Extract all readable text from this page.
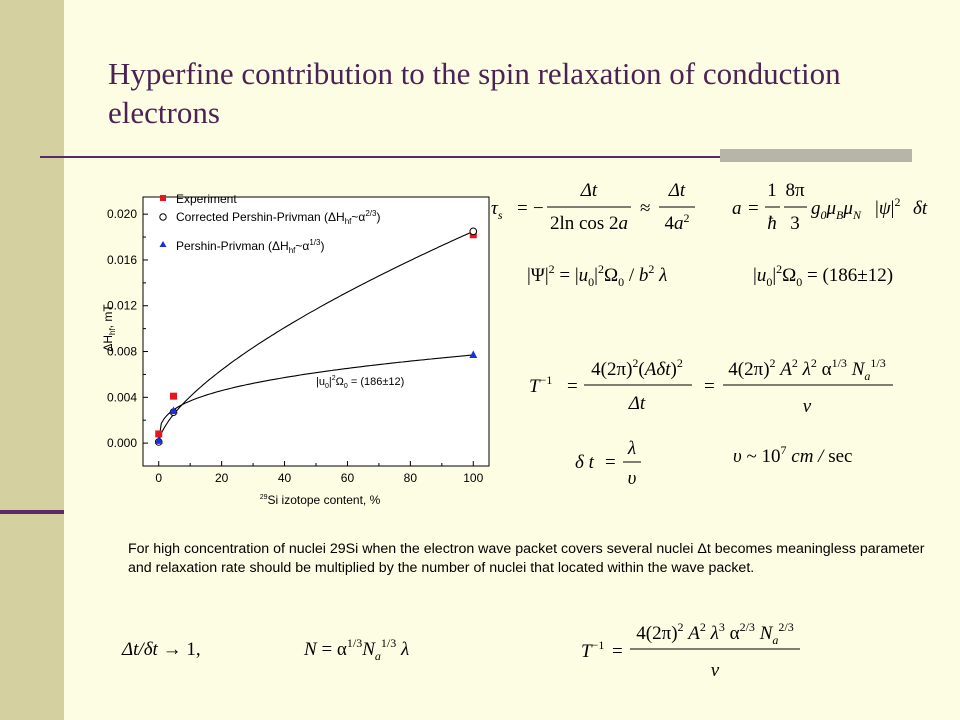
Hyperfine contribution to the spin relaxation of conduction electrons
0.000
0.004
0.008
0.012
0.016
0.020
0	20	40	60	80	100
$\Delta H_{hf}$, mT
$^{29}$Si izotope content, %
Experiment
Corrected Pershin-Privman $(\Delta H_{hf}\sim\alpha^{2/3})$
Pershin-Privman $(\Delta H_{hf}\sim\alpha^{1/3})$
$|u_0|^2\Omega_0 = (186\pm 12)$
$\tau_s$ = −
Δt
2ln cos 2a
≈
Δt
$4a^2$ a =
1
ħ
8π
3
$g_0\mu_B\mu_N$ $|\psi|^2$ δt
$|\Psi|^2 = |u_0|^2\Omega_0 / b^2$ λ	$|u_0|^2\Omega_0 = (186\pm 12)$
$T^{-1}$ =
$4(2\pi)^2(A\delta t)^2$
Δt
=
$4(2\pi)^2$ $A^2$ $\lambda^2$ $\alpha^{1/3}$ $N_a^{1/3}$
v
δ t =
λ
υ
υ ~ $10^7$ cm / sec

For high concentration of nuclei 29Si when the electron wave packet covers several nuclei Δt becomes meaningless parameter and relaxation rate should be multiplied by the number of nuclei that located within the wave packet.

Δt/δt → 1,	$N = \alpha^{1/3}N_a^{1/3}$ λ	$T^{-1}$ =
$4(2\pi)^2$ $A^2$ $\lambda^3$ $\alpha^{2/3}$ $N_a^{2/3}$
v
